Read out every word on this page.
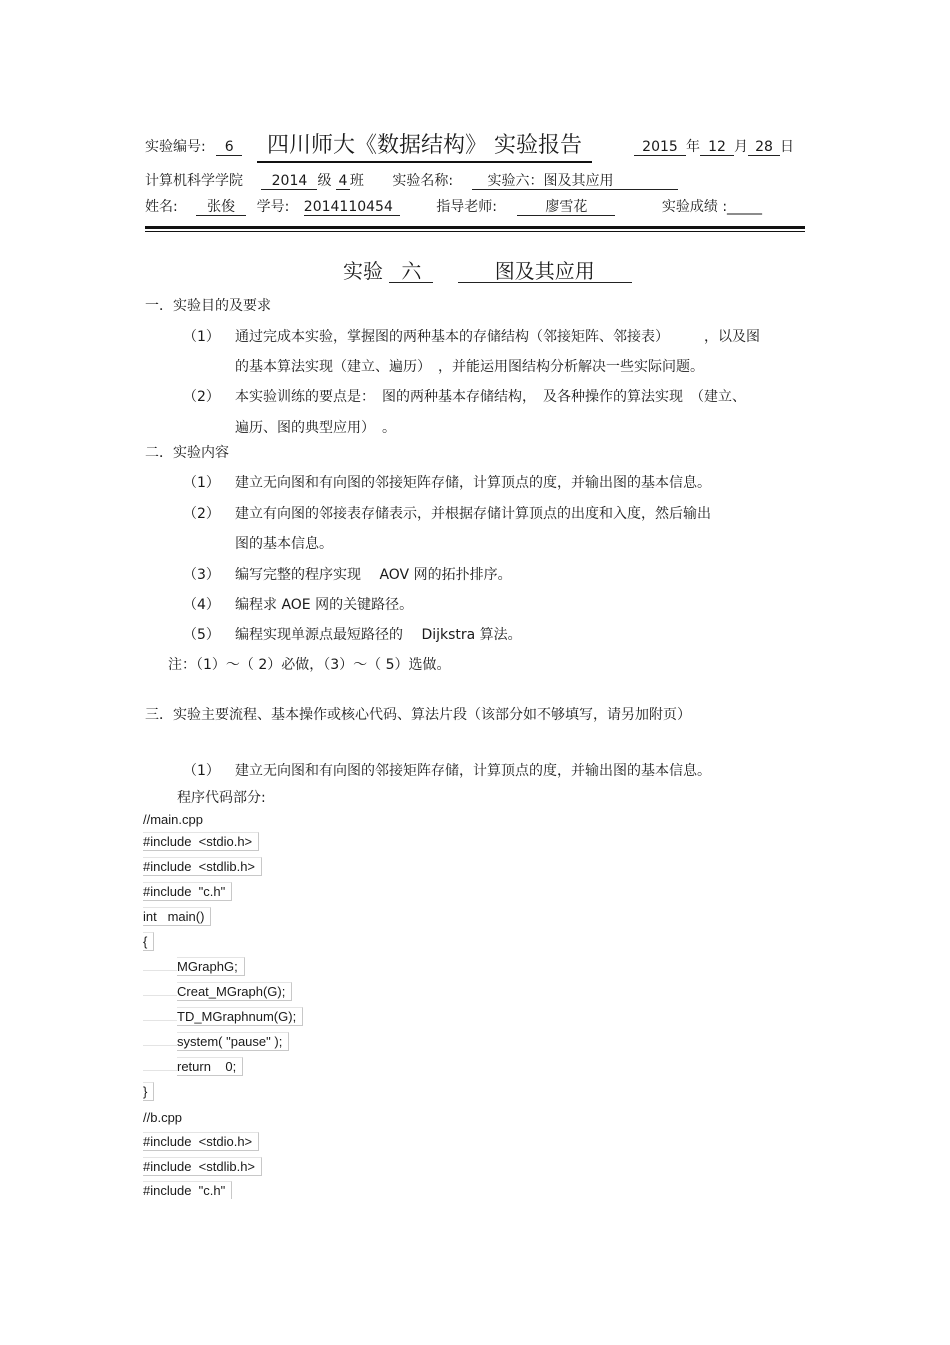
实验编号: 6	四川师大《数据结构》 实验报告	2015 年 12 月 28 日
计算机科学学院 2014 级 4 班 实验名称: 实验六：图及其应用
姓名: 张俊 学号: 2014110454	指导老师:	廖雪花	实验成绩 :_____
实验 六	图及其应用
一．实验目的及要求
（1） 通过完成本实验，掌握图的两种基本的存储结构（邻接矩阵、邻接表）　　　，以及图
的基本算法实现（建立、遍历）　，并能运用图结构分析解决一些实际问题。
（2） 本实验训练的要点是：　图的两种基本存储结构，　及各种操作的算法实现　（建立、
遍历、图的典型应用）　。
二．实验内容
（1） 建立无向图和有向图的邻接矩阵存储，计算顶点的度，并输出图的基本信息。
（2） 建立有向图的邻接表存储表示，并根据存储计算顶点的出度和入度，然后输出
图的基本信息。
（3） 编写完整的程序实现　 AOV 网的拓扑排序。
（4） 编程求 AOE 网的关键路径。
（5） 编程实现单源点最短路径的　 Dijkstra 算法。
注：（1）～（ 2）必做，（3）～（ 5）选做。
三．实验主要流程、基本操作或核心代码、算法片段（该部分如不够填写，请另加附页）
（1） 建立无向图和有向图的邻接矩阵存储，计算顶点的度，并输出图的基本信息。
程序代码部分:
//main.cpp
#include  <stdio.h>
#include  <stdlib.h>
#include  "c.h"
int   main()
{
MGraphG;
Creat_MGraph(G);
TD_MGraphnum(G);
system( "pause" );
return    0;
}
//b.cpp
#include  <stdio.h>
#include  <stdlib.h>
#include  "c.h"
